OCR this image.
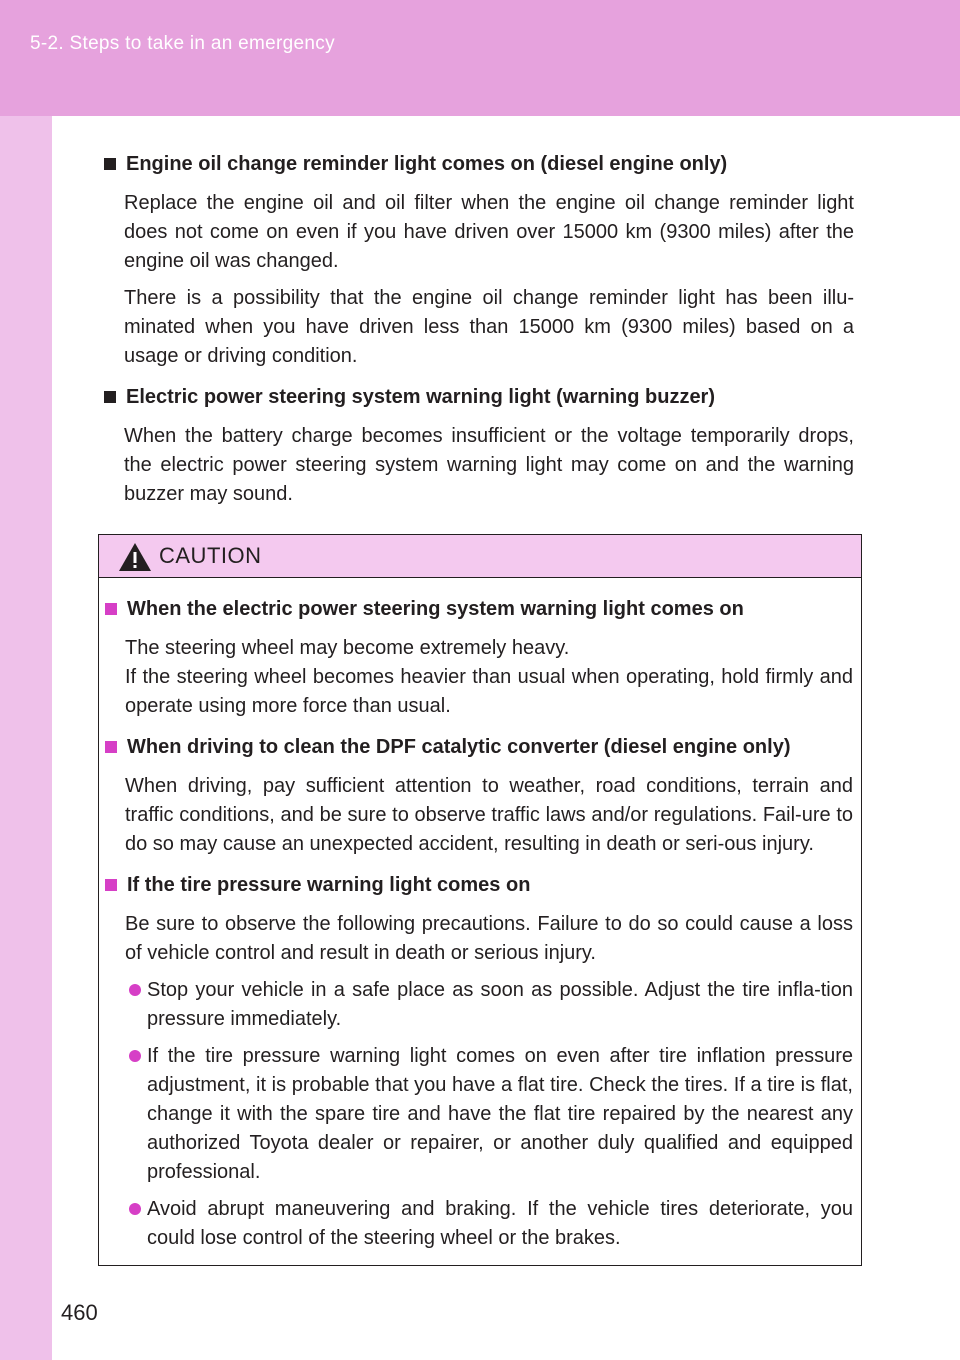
5-2. Steps to take in an emergency
Engine oil change reminder light comes on (diesel engine only)

Replace the engine oil and oil filter when the engine oil change reminder light does not come on even if you have driven over 15000 km (9300 miles) after the engine oil was changed.

There is a possibility that the engine oil change reminder light has been illu-minated when you have driven less than 15000 km (9300 miles) based on a usage or driving condition.

Electric power steering system warning light (warning buzzer)

When the battery charge becomes insufficient or the voltage temporarily drops, the electric power steering system warning light may come on and the warning buzzer may sound.

CAUTION
When the electric power steering system warning light comes on

The steering wheel may become extremely heavy.

If the steering wheel becomes heavier than usual when operating, hold firmly and operate using more force than usual.

When driving to clean the DPF catalytic converter (diesel engine only)

When driving, pay sufficient attention to weather, road conditions, terrain and traffic conditions, and be sure to observe traffic laws and/or regulations. Fail-ure to do so may cause an unexpected accident, resulting in death or seri-ous injury.

If the tire pressure warning light comes on

Be sure to observe the following precautions. Failure to do so could cause a loss of vehicle control and result in death or serious injury.

Stop your vehicle in a safe place as soon as possible. Adjust the tire infla-tion pressure immediately.
If the tire pressure warning light comes on even after tire inflation pressure adjustment, it is probable that you have a flat tire. Check the tires. If a tire is flat, change it with the spare tire and have the flat tire repaired by the nearest any authorized Toyota dealer or repairer, or another duly qualified and equipped professional.
Avoid abrupt maneuvering and braking. If the vehicle tires deteriorate, you could lose control of the steering wheel or the brakes.
460
